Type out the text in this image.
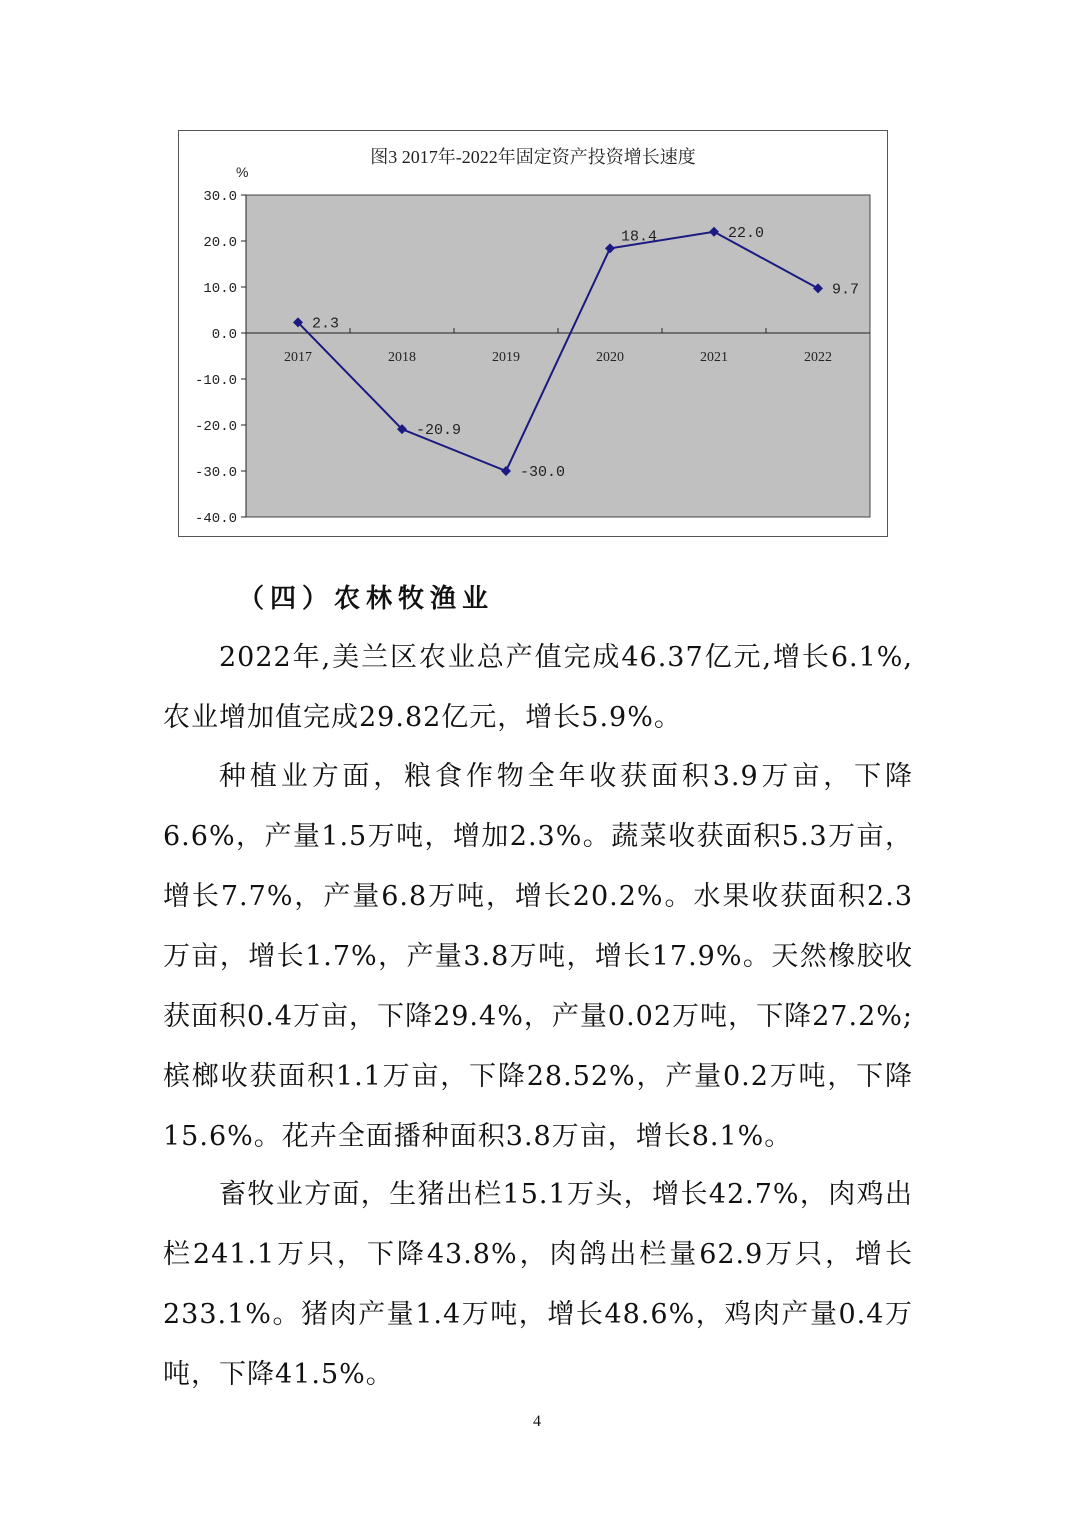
图3 2017年-2022年固定资产投资增长速度
%
30.0
20.0
10.0
0.0
-10.0
-20.0
-30.0
-40.0
2017	2018	2019	2020	2021	2022
2.3
-20.9
-30.0
18.4	22.0
9.7
（四）农林牧渔业

2022年,美兰区农业总产值完成46.37亿元,增长6.1%,农业增加值完成29.82亿元，增长5.9%。

种植业方面，粮食作物全年收获面积3.9万亩，下降6.6%，产量1.5万吨，增加2.3%。蔬菜收获面积5.3万亩，增长7.7%，产量6.8万吨，增长20.2%。水果收获面积2.3万亩，增长1.7%，产量3.8万吨，增长17.9%。天然橡胶收获面积0.4万亩，下降29.4%，产量0.02万吨，下降27.2%;槟榔收获面积1.1万亩，下降28.52%，产量0.2万吨，下降15.6%。花卉全面播种面积3.8万亩，增长8.1%。

畜牧业方面，生猪出栏15.1万头，增长42.7%，肉鸡出栏241.1万只，下降43.8%，肉鸽出栏量62.9万只，增长233.1%。猪肉产量1.4万吨，增长48.6%，鸡肉产量0.4万吨，下降41.5%。

4
